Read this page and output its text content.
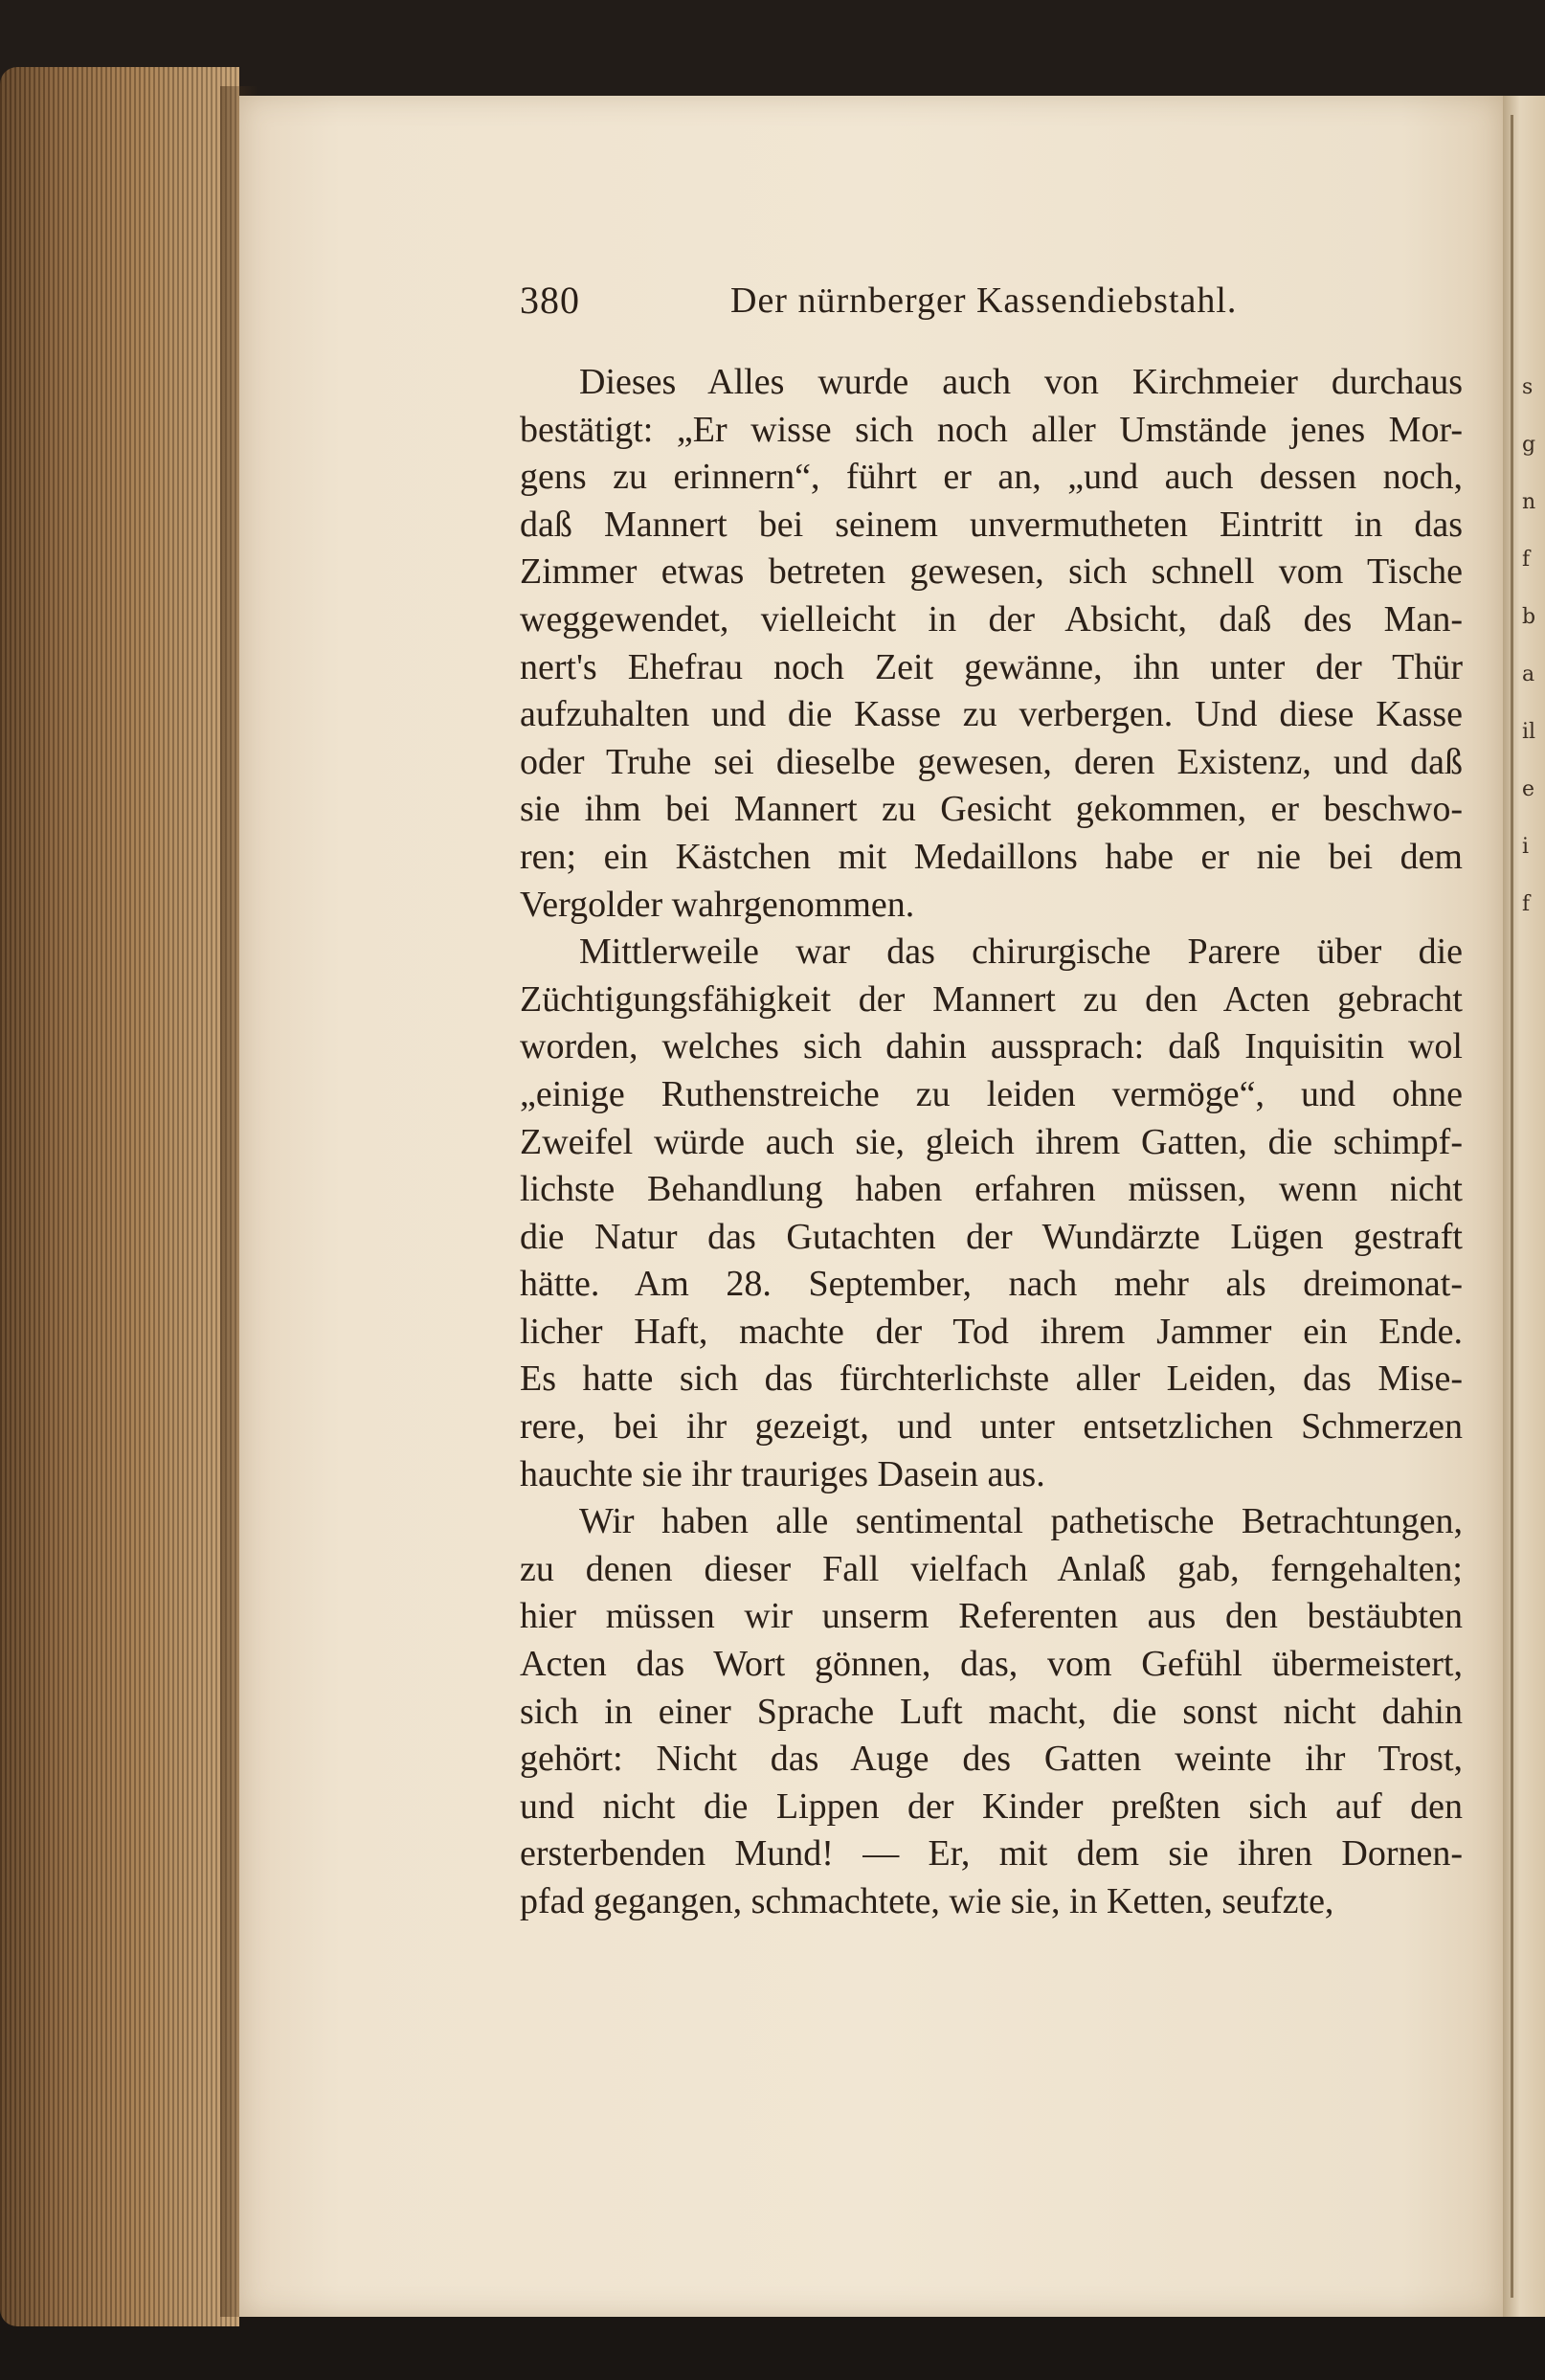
s
g
n
f
b
a
il
e
i
f
380	Der nürnberger Kassendiebstahl.
Dieses Alles wurde auch von Kirchmeier durchaus
bestätigt: „Er wisse sich noch aller Umstände jenes Mor-
gens zu erinnern“, führt er an, „und auch dessen noch,
daß Mannert bei seinem unvermutheten Eintritt in das
Zimmer etwas betreten gewesen, sich schnell vom Tische
weggewendet, vielleicht in der Absicht, daß des Man-
nert's Ehefrau noch Zeit gewänne, ihn unter der Thür
aufzuhalten und die Kasse zu verbergen. Und diese Kasse
oder Truhe sei dieselbe gewesen, deren Existenz, und daß
sie ihm bei Mannert zu Gesicht gekommen, er beschwo-
ren; ein Kästchen mit Medaillons habe er nie bei dem
Vergolder wahrgenommen.
Mittlerweile war das chirurgische Parere über die
Züchtigungsfähigkeit der Mannert zu den Acten gebracht
worden, welches sich dahin aussprach: daß Inquisitin wol
„einige Ruthenstreiche zu leiden vermöge“, und ohne
Zweifel würde auch sie, gleich ihrem Gatten, die schimpf-
lichste Behandlung haben erfahren müssen, wenn nicht
die Natur das Gutachten der Wundärzte Lügen gestraft
hätte. Am 28. September, nach mehr als dreimonat-
licher Haft, machte der Tod ihrem Jammer ein Ende.
Es hatte sich das fürchterlichste aller Leiden, das Mise-
rere, bei ihr gezeigt, und unter entsetzlichen Schmerzen
hauchte sie ihr trauriges Dasein aus.
Wir haben alle sentimental pathetische Betrachtungen,
zu denen dieser Fall vielfach Anlaß gab, ferngehalten;
hier müssen wir unserm Referenten aus den bestäubten
Acten das Wort gönnen, das, vom Gefühl übermeistert,
sich in einer Sprache Luft macht, die sonst nicht dahin
gehört: Nicht das Auge des Gatten weinte ihr Trost,
und nicht die Lippen der Kinder preßten sich auf den
ersterbenden Mund! — Er, mit dem sie ihren Dornen-
pfad gegangen, schmachtete, wie sie, in Ketten, seufzte,
